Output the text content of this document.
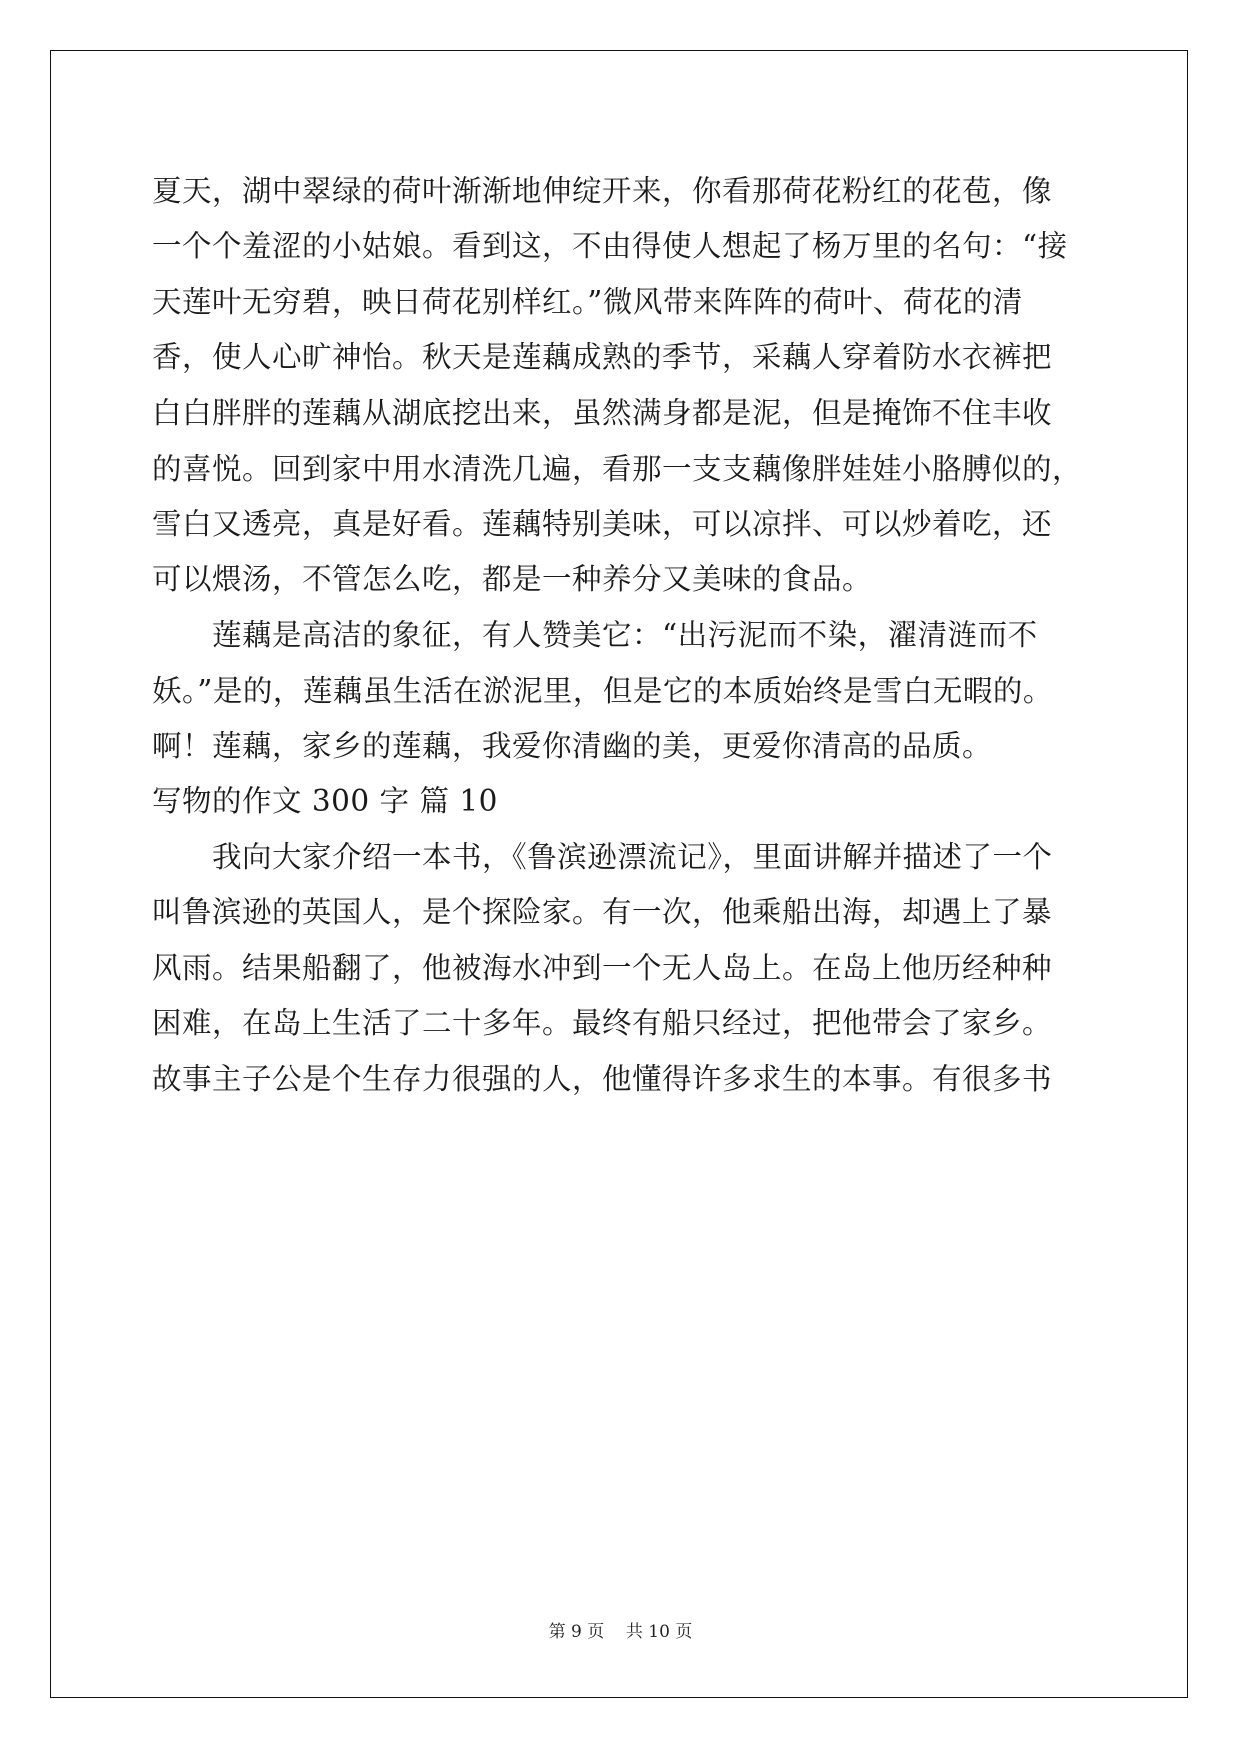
夏天，湖中翠绿的荷叶渐渐地伸绽开来，你看那荷花粉红的花苞，像

一个个羞涩的小姑娘。看到这，不由得使人想起了杨万里的名句：“接

天莲叶无穷碧，映日荷花别样红。”微风带来阵阵的荷叶、荷花的清

香，使人心旷神怡。秋天是莲藕成熟的季节，采藕人穿着防水衣裤把

白白胖胖的莲藕从湖底挖出来，虽然满身都是泥，但是掩饰不住丰收

的喜悦。回到家中用水清洗几遍，看那一支支藕像胖娃娃小胳膊似的，

雪白又透亮，真是好看。莲藕特别美味，可以凉拌、可以炒着吃，还

可以煨汤，不管怎么吃，都是一种养分又美味的食品。

莲藕是高洁的象征，有人赞美它：“出污泥而不染，濯清涟而不

妖。”是的，莲藕虽生活在淤泥里，但是它的本质始终是雪白无暇的。

啊！莲藕，家乡的莲藕，我爱你清幽的美，更爱你清高的品质。

写物的作文 300 字 篇 10

我向大家介绍一本书，《鲁滨逊漂流记》，里面讲解并描述了一个

叫鲁滨逊的英国人，是个探险家。有一次，他乘船出海，却遇上了暴

风雨。结果船翻了，他被海水冲到一个无人岛上。在岛上他历经种种

困难，在岛上生活了二十多年。最终有船只经过，把他带会了家乡。

故事主子公是个生存力很强的人，他懂得许多求生的本事。有很多书

第 9 页 共 10 页
